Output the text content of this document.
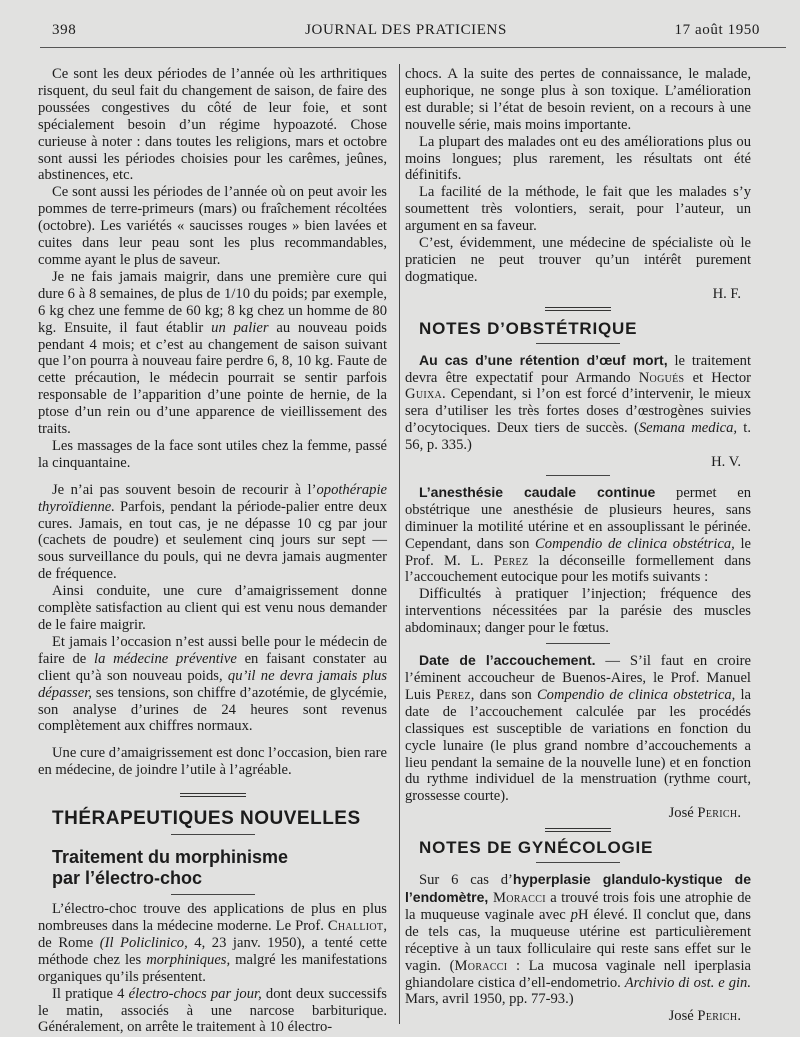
398	JOURNAL DES PRATICIENS	17 août 1950

Ce sont les deux périodes de l’année où les arthritiques risquent, du seul fait du changement de saison, de faire des poussées congestives du côté de leur foie, et sont spécialement besoin d’un régime hypoazoté. Chose curieuse à noter : dans toutes les religions, mars et octobre sont aussi les périodes choisies pour les carêmes, jeûnes, abstinences, etc.

Ce sont aussi les périodes de l’année où on peut avoir les pommes de terre-primeurs (mars) ou fraîchement récoltées (octobre). Les variétés « saucisses rouges » bien lavées et cuites dans leur peau sont les plus recommandables, comme ayant le plus de saveur.

Je ne fais jamais maigrir, dans une première cure qui dure 6 à 8 semaines, de plus de 1/10 du poids; par exemple, 6 kg chez une femme de 60 kg; 8 kg chez un homme de 80 kg. Ensuite, il faut établir un palier au nouveau poids pendant 4 mois; et c’est au changement de saison suivant que l’on pourra à nouveau faire perdre 6, 8, 10 kg. Faute de cette précaution, le médecin pourrait se sentir parfois responsable de l’apparition d’une pointe de hernie, de la ptose d’un rein ou d’une apparence de vieillissement des traits.

Les massages de la face sont utiles chez la femme, passé la cinquantaine.

Je n’ai pas souvent besoin de recourir à l’opothérapie thyroïdienne. Parfois, pendant la période-palier entre deux cures. Jamais, en tout cas, je ne dépasse 10 cg par jour (cachets de poudre) et seulement cinq jours sur sept — sous surveillance du pouls, qui ne devra jamais augmenter de fréquence.

Ainsi conduite, une cure d’amaigrissement donne complète satisfaction au client qui est venu nous demander de le faire maigrir.

Et jamais l’occasion n’est aussi belle pour le médecin de faire de la médecine préventive en faisant constater au client qu’à son nouveau poids, qu’il ne devra jamais plus dépasser, ses tensions, son chiffre d’azotémie, de glycémie, son analyse d’urines de 24 heures sont revenus complètement aux chiffres normaux.

Une cure d’amaigrissement est donc l’occasion, bien rare en médecine, de joindre l’utile à l’agréable.

THÉRAPEUTIQUES NOUVELLES

Traitement du morphinisme

par l’électro-choc

L’électro-choc trouve des applications de plus en plus nombreuses dans la médecine moderne. Le Prof. Challiot, de Rome (Il Policlinico, 4, 23 janv. 1950), a tenté cette méthode chez les morphiniques, malgré les manifestations organiques qu’ils présentent.

Il pratique 4 électro-chocs par jour, dont deux successifs le matin, associés à une narcose barbiturique. Généralement, on arrête le traitement à 10 électro-

chocs. A la suite des pertes de connaissance, le malade, euphorique, ne songe plus à son toxique. L’amélioration est durable; si l’état de besoin revient, on a recours à une nouvelle série, mais moins importante.

La plupart des malades ont eu des améliorations plus ou moins longues; plus rarement, les résultats ont été définitifs.

La facilité de la méthode, le fait que les malades s’y soumettent très volontiers, serait, pour l’auteur, un argument en sa faveur.

C’est, évidemment, une médecine de spécialiste où le praticien ne peut trouver qu’un intérêt purement dogmatique.

H. F.

NOTES D’OBSTÉTRIQUE

Au cas d’une rétention d’œuf mort, le traitement devra être expectatif pour Armando Nogués et Hector Guixa. Cependant, si l’on est forcé d’intervenir, le mieux sera d’utiliser les très fortes doses d’œstrogènes suivies d’ocytociques. Deux tiers de succès. (Semana medica, t. 56, p. 335.)

H. V.

L’anesthésie caudale continue permet en obstétrique une anesthésie de plusieurs heures, sans diminuer la motilité utérine et en assouplissant le périnée. Cependant, dans son Compendio de clinica obstétrica, le Prof. M. L. Perez la déconseille formellement dans l’accouchement eutocique pour les motifs suivants :

Difficultés à pratiquer l’injection; fréquence des interventions nécessitées par la parésie des muscles abdominaux; danger pour le fœtus.

Date de l’accouchement. — S’il faut en croire l’éminent accoucheur de Buenos-Aires, le Prof. Manuel Luis Perez, dans son Compendio de clinica obstetrica, la date de l’accouchement calculée par les procédés classiques est susceptible de variations en fonction du cycle lunaire (le plus grand nombre d’accouchements a lieu pendant la semaine de la nouvelle lune) et en fonction du rythme individuel de la menstruation (rythme court, grossesse courte).

José Perich.

NOTES DE GYNÉCOLOGIE

Sur 6 cas d’hyperplasie glandulo-kystique de l’endomètre, Moracci a trouvé trois fois une atrophie de la muqueuse vaginale avec pH élevé. Il conclut que, dans de tels cas, la muqueuse utérine est particulièrement réceptive à un taux folliculaire qui reste sans effet sur le vagin. (Moracci : La mucosa vaginale nell iperplasia ghiandolare cistica d’ell-endometrio. Archivio di ost. e gin. Mars, avril 1950, pp. 77-93.)

José Perich.
